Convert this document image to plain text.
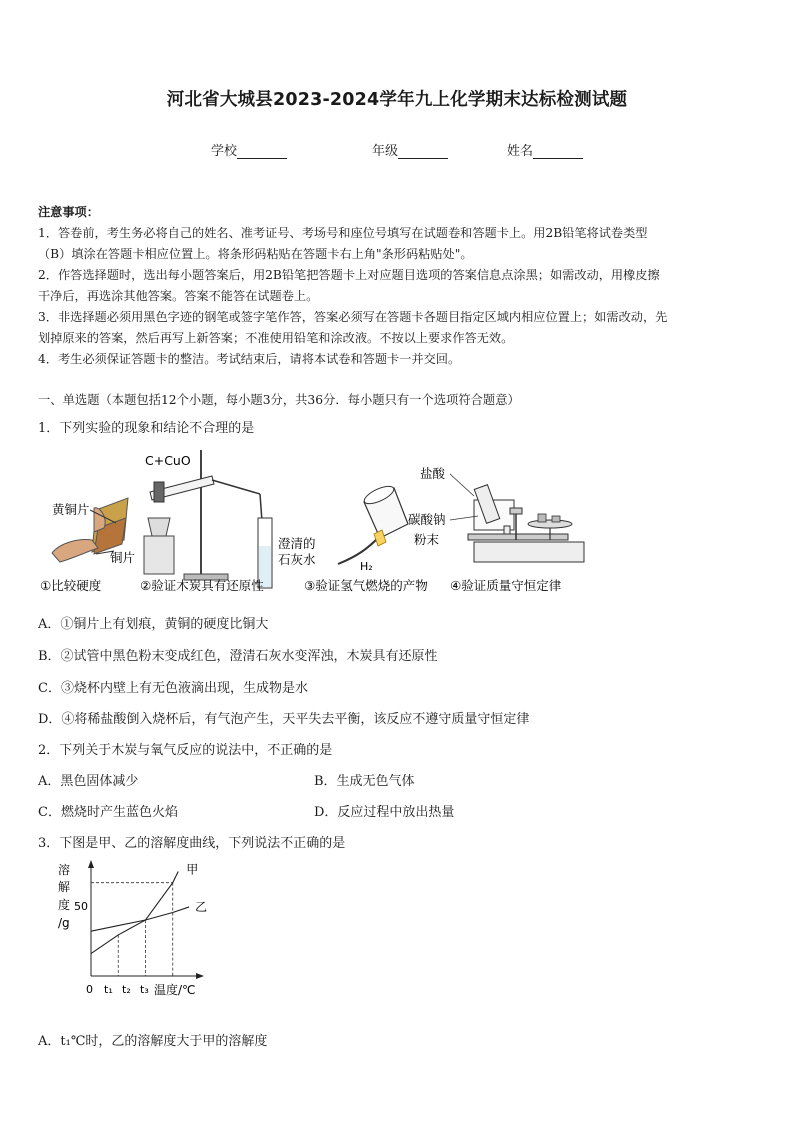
河北省大城县2023-2024学年九上化学期末达标检测试题
学校	年级	姓名
注意事项：
1．答卷前，考生务必将自己的姓名、准考证号、考场号和座位号填写在试题卷和答题卡上。用2B铅笔将试卷类型
（B）填涂在答题卡相应位置上。将条形码粘贴在答题卡右上角"条形码粘贴处"。
2．作答选择题时，选出每小题答案后，用2B铅笔把答题卡上对应题目选项的答案信息点涂黑；如需改动，用橡皮擦
干净后，再选涂其他答案。答案不能答在试题卷上。
3．非选择题必须用黑色字迹的钢笔或签字笔作答，答案必须写在答题卡各题目指定区域内相应位置上；如需改动，先
划掉原来的答案，然后再写上新答案；不准使用铅笔和涂改液。不按以上要求作答无效。
4．考生必须保证答题卡的整洁。考试结束后，请将本试卷和答题卡一并交回。
一、单选题（本题包括12个小题，每小题3分，共36分．每小题只有一个选项符合题意）
1．下列实验的现象和结论不合理的是
黄铜片
铜片
C+CuO
澄清的
石灰水	H₂
盐酸
碳酸钠
粉末
①比较硬度	②验证木炭具有还原性	③验证氢气燃烧的产物 ④验证质量守恒定律
A．①铜片上有划痕，黄铜的硬度比铜大
B．②试管中黑色粉末变成红色，澄清石灰水变浑浊，木炭具有还原性
C．③烧杯内壁上有无色液滴出现，生成物是水
D．④将稀盐酸倒入烧杯后，有气泡产生，天平失去平衡，该反应不遵守质量守恒定律
2．下列关于木炭与氧气反应的说法中，不正确的是
A．黑色固体减少	B．生成无色气体
C．燃烧时产生蓝色火焰	D．反应过程中放出热量
3．下图是甲、乙的溶解度曲线，下列说法不正确的是
溶
解
度
/g
50
0 t₁ t₂ t₃ 温度/℃
甲
乙
A．t₁℃时，乙的溶解度大于甲的溶解度
